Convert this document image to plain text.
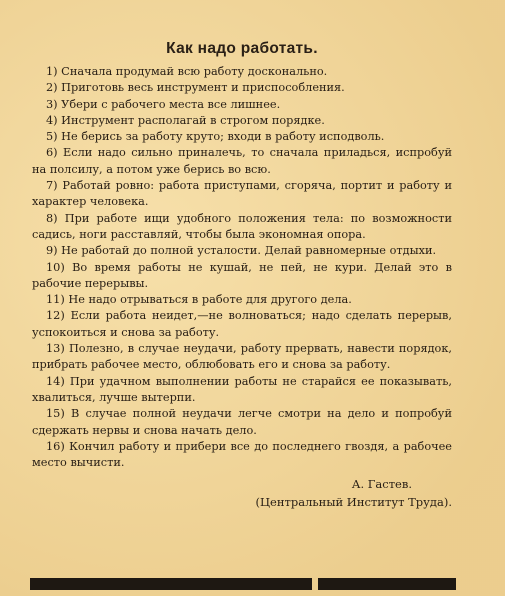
Как надо работать.

1) Сначала продумай всю работу досконально.

2) Приготовь весь инструмент и приспособления.

3) Убери с рабочего места все лишнее.

4) Инструмент располагай в строгом порядке.

5) Не берись за работу круто; входи в работу исподволь.

6) Если надо сильно приналечь, то сначала приладься, испробуй на полсилу, а потом уже берись во всю.

7) Работай ровно: работа приступами, сгоряча, портит и работу и характер человека.

8) При работе ищи удобного положения тела: по возможности садись, ноги расставляй, чтобы была экономная опора.

9) Не работай до полной усталости. Делай равномерные отдыхи.

10) Во время работы не кушай, не пей, не кури. Делай это в рабочие перерывы.

11) Не надо отрываться в работе для другого дела.

12) Если работа неидет,—не волноваться; надо сделать перерыв, успокоиться и снова за работу.

13) Полезно, в случае неудачи, работу прервать, навести порядок, прибрать рабочее место, облюбовать его и снова за работу.

14) При удачном выполнении работы не старайся ее показывать, хвалиться, лучше вытерпи.

15) В случае полной неудачи легче смотри на дело и попробуй сдержать нервы и снова начать дело.

16) Кончил работу и прибери все до последнего гвоздя, а рабочее место вычисти.

А. Гастев.
(Центральный Институт Труда).
